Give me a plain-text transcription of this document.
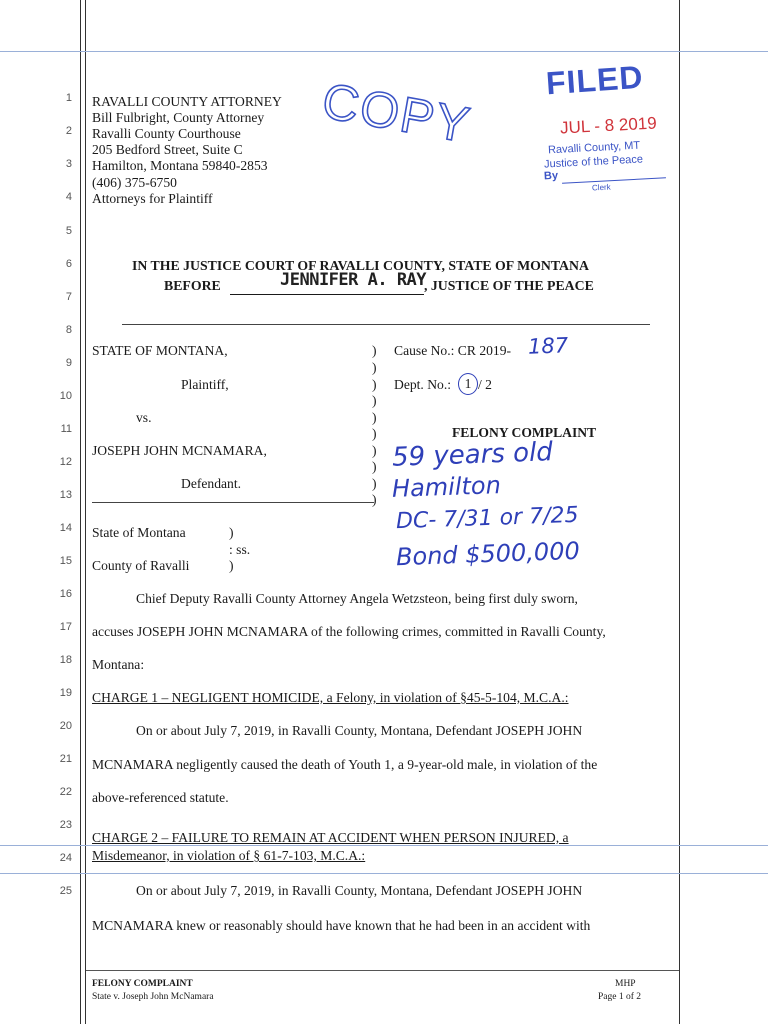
1
2
3
4
5
6
7
8
9
10
11
12
13
14
15
16
17
18
19
20
21
22
23
24
25
RAVALLI COUNTY ATTORNEY
Bill Fulbright, County Attorney
Ravalli County Courthouse
205 Bedford Street, Suite C
Hamilton, Montana 59840-2853
(406) 375-6750
Attorneys for Plaintiff
COPY FILED
JUL - 8 2019
Ravalli County, MT
Justice of the Peace
By
Clerk
IN THE JUSTICE COURT OF RAVALLI COUNTY, STATE OF MONTANA
BEFORE	JENNIFER A. RAY
, JUSTICE OF THE PEACE
STATE OF MONTANA,
Plaintiff,
vs.
JOSEPH JOHN MCNAMARA,
Defendant.
)
)
)
)
)
)
)
)
)
)
Cause No.: CR 2019- 187
Dept. No.: 1 / 2
FELONY COMPLAINT
59 years old
Hamilton
DC- 7/31 or 7/25
Bond $500,000
State of Montana	)
: ss.
County of Ravalli	)
Chief Deputy Ravalli County Attorney Angela Wetzsteon, being first duly sworn,
accuses JOSEPH JOHN MCNAMARA of the following crimes, committed in Ravalli County,
Montana:
CHARGE 1 – NEGLIGENT HOMICIDE, a Felony, in violation of §45-5-104, M.C.A.:
On or about July 7, 2019, in Ravalli County, Montana, Defendant JOSEPH JOHN
MCNAMARA negligently caused the death of Youth 1, a 9-year-old male, in violation of the
above-referenced statute.
CHARGE 2 – FAILURE TO REMAIN AT ACCIDENT WHEN PERSON INJURED, a
Misdemeanor, in violation of § 61-7-103, M.C.A.:
On or about July 7, 2019, in Ravalli County, Montana, Defendant JOSEPH JOHN
MCNAMARA knew or reasonably should have known that he had been in an accident with
FELONY COMPLAINT
State v. Joseph John McNamara
MHP
Page 1 of 2
